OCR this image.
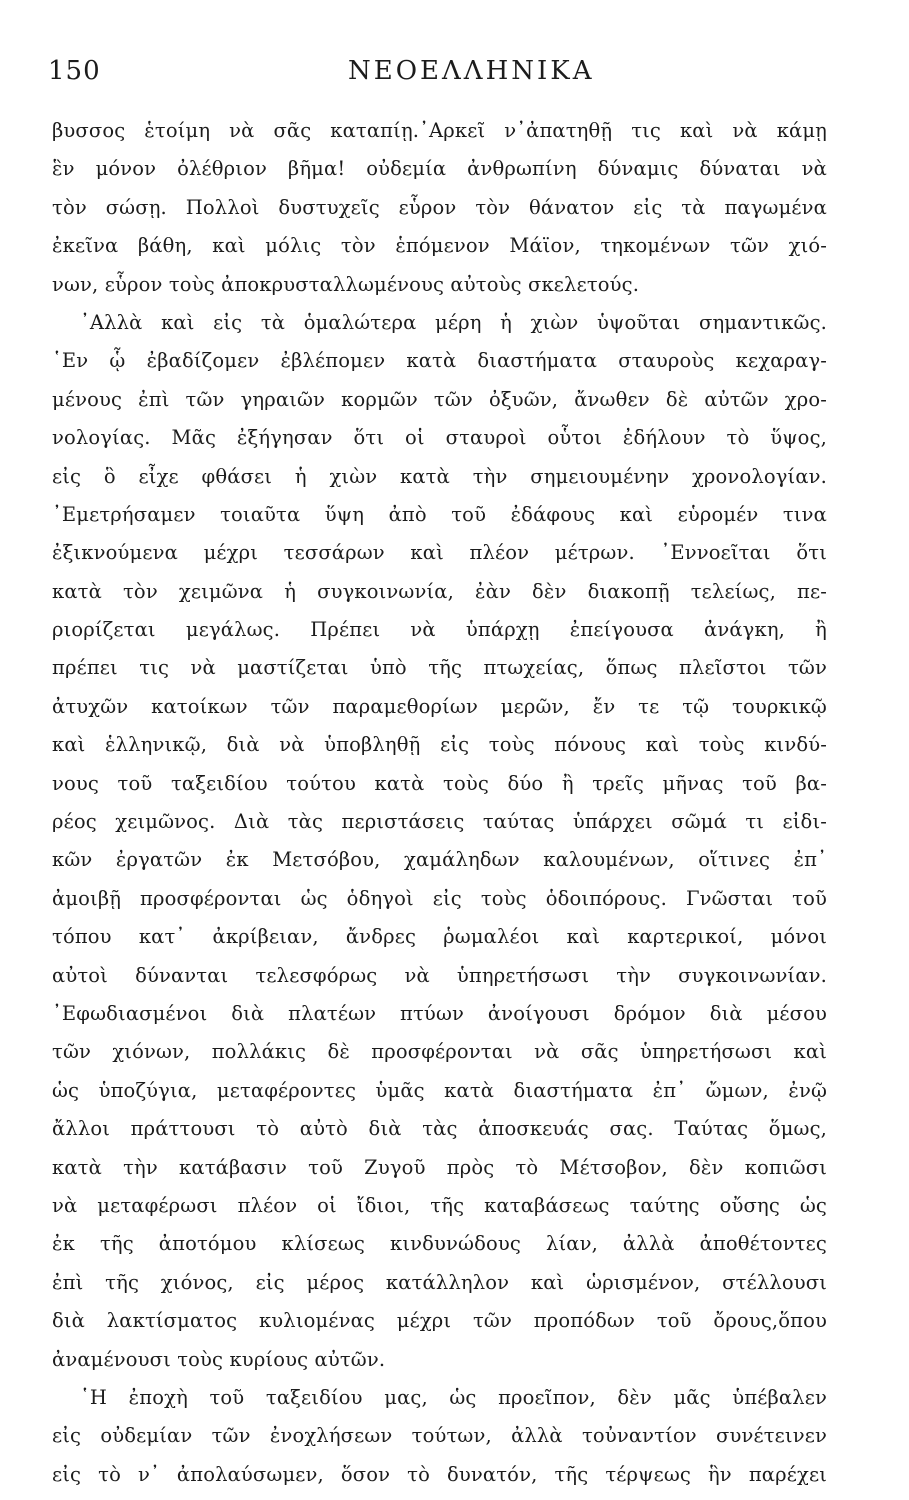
150	ΝΕΟΕΛΛΗΝΙΚΑ
βυσσος ἑτοίμη νὰ σᾶς καταπίῃ.᾿Αρκεῖ ν᾿ἀπατηθῇ τις καὶ νὰ κάμῃ
ἓν μόνον ὀλέθριον βῆμα! οὐδεμία ἀνθρωπίνη δύναμις δύναται νὰ
τὸν σώσῃ. Πολλοὶ δυστυχεῖς εὗρον τὸν θάνατον εἰς τὰ παγωμένα
ἐκεῖνα βάθη, καὶ μόλις τὸν ἑπόμενον Μάϊον, τηκομένων τῶν χιό-
νων, εὗρον τοὺς ἀποκρυσταλλωμένους αὐτοὺς σκελετούς.
᾿Αλλὰ καὶ εἰς τὰ ὁμαλώτερα μέρη ἡ χιὼν ὑψοῦται σημαντικῶς.
῾Εν ᾧ ἐβαδίζομεν ἐβλέπομεν κατὰ διαστήματα σταυροὺς κεχαραγ-
μένους ἐπὶ τῶν γηραιῶν κορμῶν τῶν ὀξυῶν, ἄνωθεν δὲ αὐτῶν χρο-
νολογίας. Μᾶς ἐξήγησαν ὅτι οἱ σταυροὶ οὗτοι ἐδήλουν τὸ ὕψος,
εἰς ὃ εἶχε φθάσει ἡ χιὼν κατὰ τὴν σημειουμένην χρονολογίαν.
᾿Εμετρήσαμεν τοιαῦτα ὕψη ἀπὸ τοῦ ἐδάφους καὶ εὑρομέν τινα
ἐξικνούμενα μέχρι τεσσάρων καὶ πλέον μέτρων. ᾿Εννοεῖται ὅτι
κατὰ τὸν χειμῶνα ἡ συγκοινωνία, ἐὰν δὲν διακοπῇ τελείως, πε-
ριορίζεται μεγάλως. Πρέπει νὰ ὑπάρχῃ ἐπείγουσα ἀνάγκη, ἢ
πρέπει τις νὰ μαστίζεται ὑπὸ τῆς πτωχείας, ὅπως πλεῖστοι τῶν
ἀτυχῶν κατοίκων τῶν παραμεθορίων μερῶν, ἔν τε τῷ τουρκικῷ
καὶ ἑλληνικῷ, διὰ νὰ ὑποβληθῇ εἰς τοὺς πόνους καὶ τοὺς κινδύ-
νους τοῦ ταξειδίου τούτου κατὰ τοὺς δύο ἢ τρεῖς μῆνας τοῦ βα-
ρέος χειμῶνος. Διὰ τὰς περιστάσεις ταύτας ὑπάρχει σῶμά τι εἰδι-
κῶν ἐργατῶν ἐκ Μετσόβου, χαμάληδων καλουμένων, οἵτινες ἐπ᾿
ἀμοιβῇ προσφέρονται ὡς ὁδηγοὶ εἰς τοὺς ὁδοιπόρους. Γνῶσται τοῦ
τόπου κατ᾿ ἀκρίβειαν, ἄνδρες ῥωμαλέοι καὶ καρτερικοί, μόνοι
αὐτοὶ δύνανται τελεσφόρως νὰ ὑπηρετήσωσι τὴν συγκοινωνίαν.
᾿Εφωδιασμένοι διὰ πλατέων πτύων ἀνοίγουσι δρόμον διὰ μέσου
τῶν χιόνων, πολλάκις δὲ προσφέρονται νὰ σᾶς ὑπηρετήσωσι καὶ
ὡς ὑποζύγια, μεταφέροντες ὑμᾶς κατὰ διαστήματα ἐπ᾿ ὤμων, ἐνῷ
ἄλλοι πράττουσι τὸ αὐτὸ διὰ τὰς ἀποσκευάς σας. Ταύτας ὅμως,
κατὰ τὴν κατάβασιν τοῦ Ζυγοῦ πρὸς τὸ Μέτσοβον, δὲν κοπιῶσι
νὰ μεταφέρωσι πλέον οἱ ἴδιοι, τῆς καταβάσεως ταύτης οὔσης ὡς
ἐκ τῆς ἀποτόμου κλίσεως κινδυνώδους λίαν, ἀλλὰ ἀποθέτοντες
ἐπὶ τῆς χιόνος, εἰς μέρος κατάλληλον καὶ ὡρισμένον, στέλλουσι
διὰ λακτίσματος κυλιομένας μέχρι τῶν προπόδων τοῦ ὄρους,ὅπου
ἀναμένουσι τοὺς κυρίους αὐτῶν.
῾Η ἐποχὴ τοῦ ταξειδίου μας, ὡς προεῖπον, δὲν μᾶς ὑπέβαλεν
εἰς οὐδεμίαν τῶν ἐνοχλήσεων τούτων, ἀλλὰ τοὐναντίον συνέτεινεν
εἰς τὸ ν᾿ ἀπολαύσωμεν, ὅσον τὸ δυνατόν, τῆς τέρψεως ἣν παρέχει
